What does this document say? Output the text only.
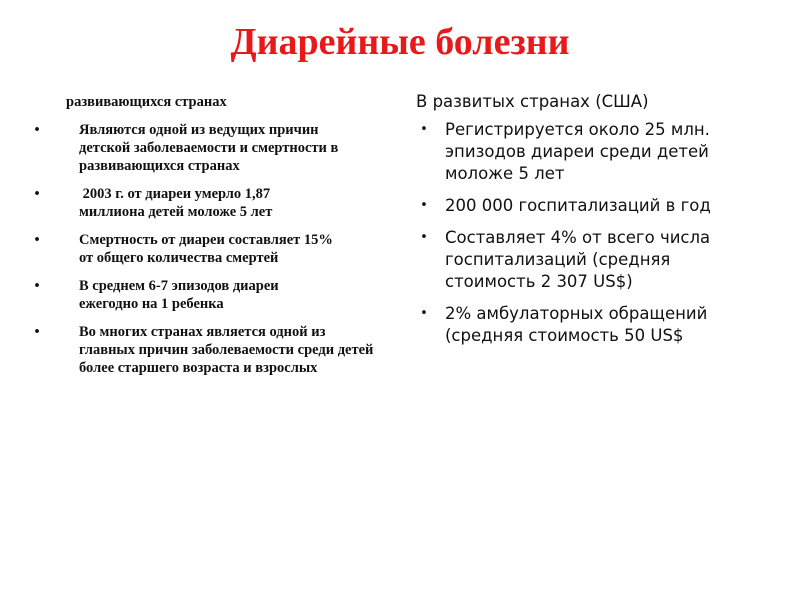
Диарейные болезни
развивающихся странах
•	Являются одной из ведущих причин детской заболеваемости и смертности в развивающихся странах
•	2003 г. от диареи умерло 1,87 миллиона детей моложе 5 лет
•	Смертность от диареи составляет 15% от общего количества смертей
•	В среднем 6-7 эпизодов диареи ежегодно на 1 ребенка
•	Во многих странах является одной из главных причин заболеваемости среди детей более старшего возраста и взрослых
В развитых странах (США)
• Регистрируется около 25 млн. эпизодов диареи среди детей моложе 5 лет
• 200 000 госпитализаций в год
• Составляет 4% от всего числа госпитализаций (средняя стоимость 2 307 US$)
• 2% амбулаторных обращений (средняя стоимость 50 US$
